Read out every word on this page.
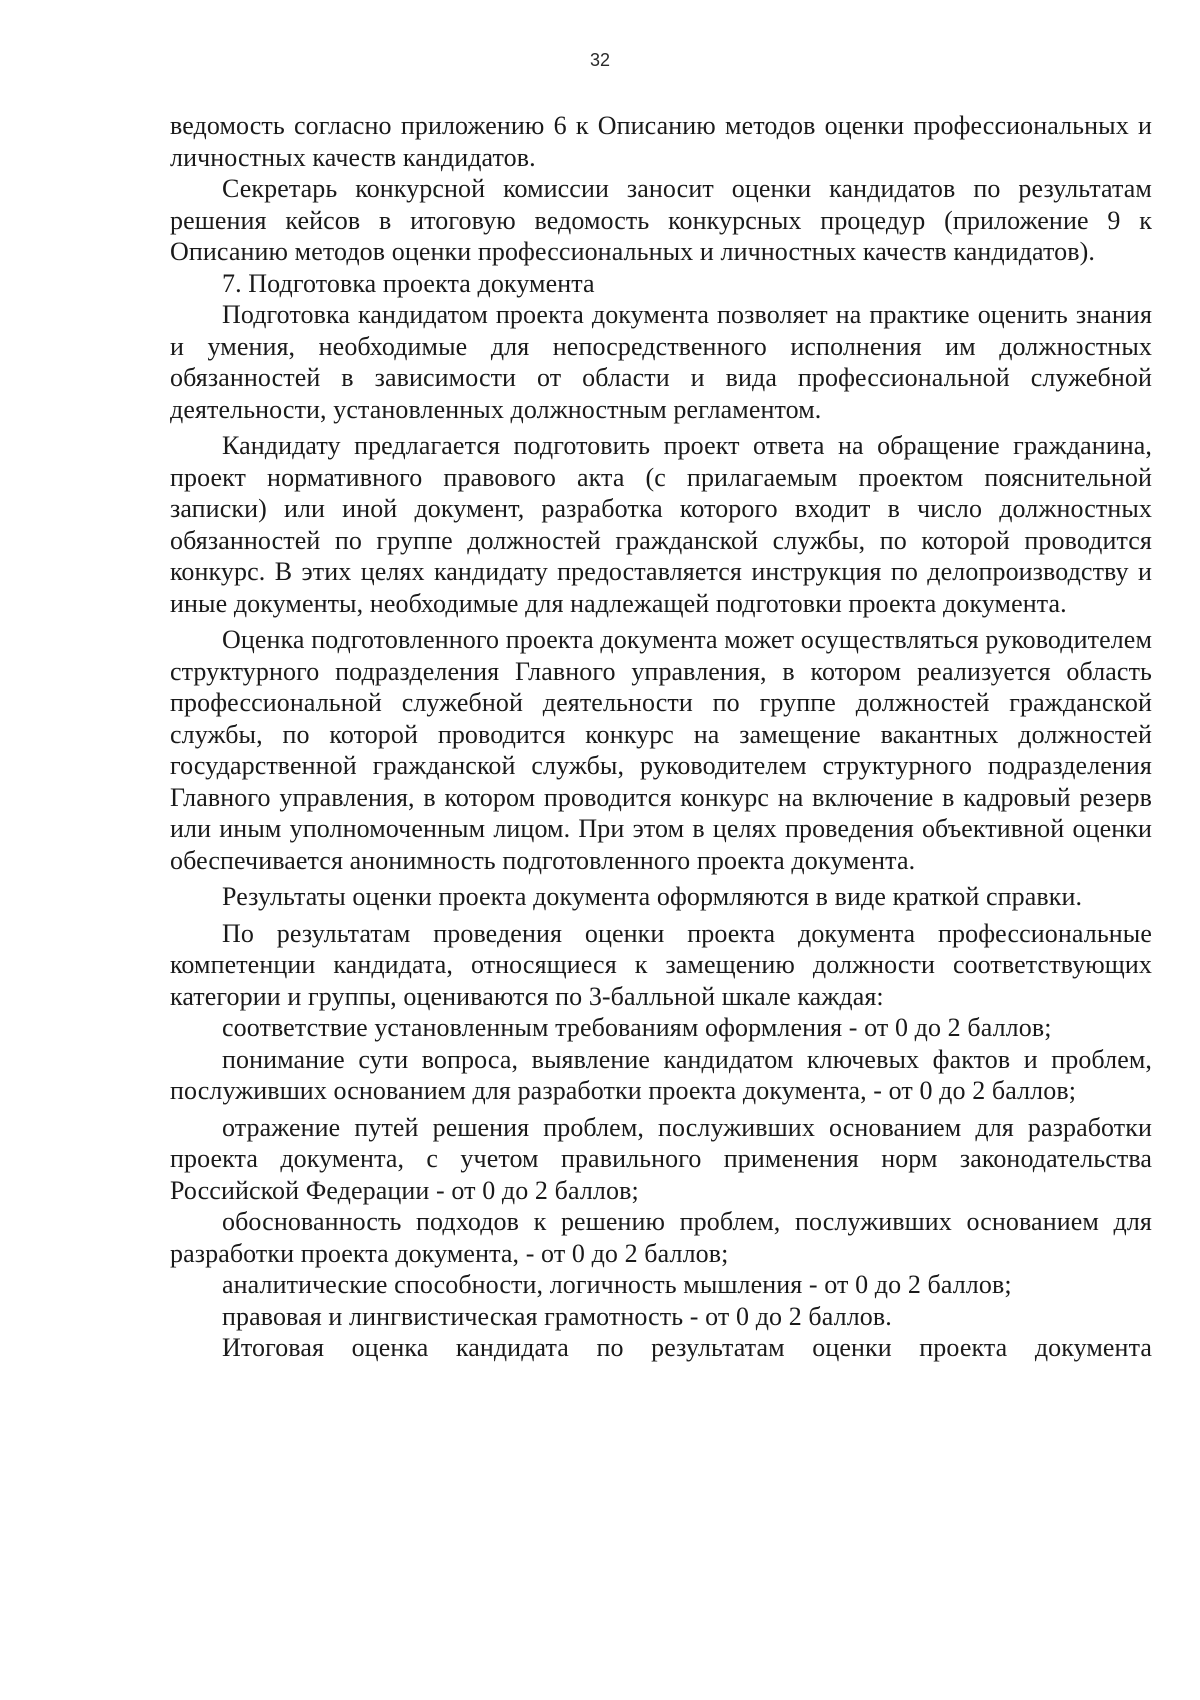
32

ведомость согласно приложению 6 к Описанию методов оценки профессиональных и личностных качеств кандидатов.

Секретарь конкурсной комиссии заносит оценки кандидатов по результатам решения кейсов в итоговую ведомость конкурсных процедур (приложение 9 к Описанию методов оценки профессиональных и личностных качеств кандидатов).

7. Подготовка проекта документа

Подготовка кандидатом проекта документа позволяет на практике оценить знания и умения, необходимые для непосредственного исполнения им должностных обязанностей в зависимости от области и вида профессиональной служебной деятельности, установленных должностным регламентом.

Кандидату предлагается подготовить проект ответа на обращение гражданина, проект нормативного правового акта (с прилагаемым проектом пояснительной записки) или иной документ, разработка которого входит в число должностных обязанностей по группе должностей гражданской службы, по которой проводится конкурс. В этих целях кандидату предоставляется инструкция по делопроизводству и иные документы, необходимые для надлежащей подготовки проекта документа.

Оценка подготовленного проекта документа может осуществляться руководителем структурного подразделения Главного управления, в котором реализуется область профессиональной служебной деятельности по группе должностей гражданской службы, по которой проводится конкурс на замещение вакантных должностей государственной гражданской службы, руководителем структурного подразделения Главного управления, в котором проводится конкурс на включение в кадровый резерв или иным уполномоченным лицом. При этом в целях проведения объективной оценки обеспечивается анонимность подготовленного проекта документа.

Результаты оценки проекта документа оформляются в виде краткой справки.

По результатам проведения оценки проекта документа профессиональные компетенции кандидата, относящиеся к замещению должности соответствующих категории и группы, оцениваются по 3-балльной шкале каждая:

соответствие установленным требованиям оформления - от 0 до 2 баллов;

понимание сути вопроса, выявление кандидатом ключевых фактов и проблем, послуживших основанием для разработки проекта документа, - от 0 до 2 баллов;

отражение путей решения проблем, послуживших основанием для разработки проекта документа, с учетом правильного применения норм законодательства Российской Федерации - от 0 до 2 баллов;

обоснованность подходов к решению проблем, послуживших основанием для разработки проекта документа, - от 0 до 2 баллов;

аналитические способности, логичность мышления - от 0 до 2 баллов;

правовая и лингвистическая грамотность - от 0 до 2 баллов.

Итоговая оценка кандидата по результатам оценки проекта документа
